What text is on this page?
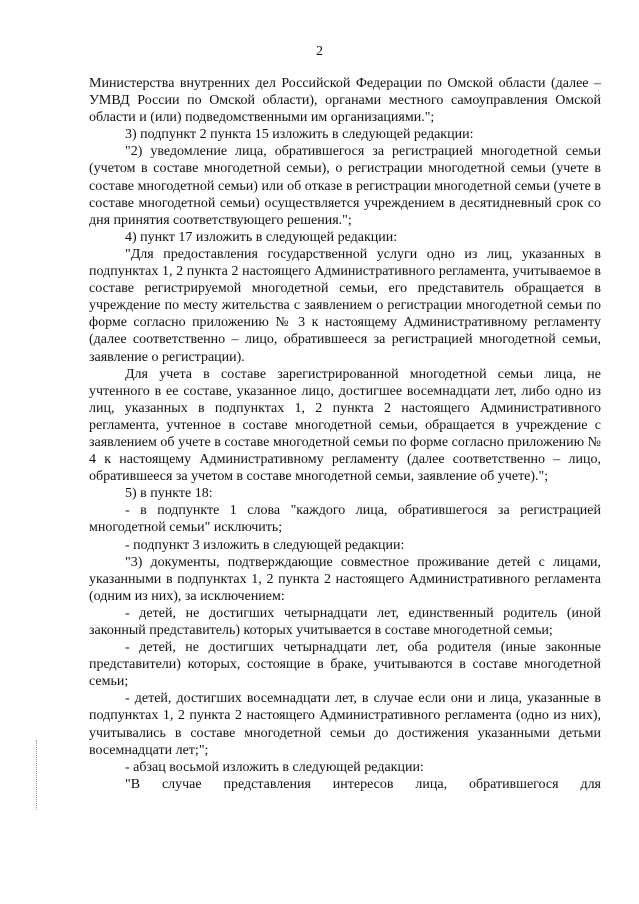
2

Министерства внутренних дел Российской Федерации по Омской области (далее – УМВД России по Омской области), органами местного самоуправления Омской области и (или) подведомственными им организациями.";

3) подпункт 2 пункта 15 изложить в следующей редакции:

"2) уведомление лица, обратившегося за регистрацией многодетной семьи (учетом в составе многодетной семьи), о регистрации многодетной семьи (учете в составе многодетной семьи) или об отказе в регистрации многодетной семьи (учете в составе многодетной семьи) осуществляется учреждением в десятидневный срок со дня принятия соответствующего решения.";

4) пункт 17 изложить в следующей редакции:

"Для предоставления государственной услуги одно из лиц, указанных в подпунктах 1, 2 пункта 2 настоящего Административного регламента, учитываемое в составе регистрируемой многодетной семьи, его представитель обращается в учреждение по месту жительства с заявлением о регистрации многодетной семьи по форме согласно приложению № 3 к настоящему Административному регламенту (далее соответственно – лицо, обратившееся за регистрацией многодетной семьи, заявление о регистрации).

Для учета в составе зарегистрированной многодетной семьи лица, не учтенного в ее составе, указанное лицо, достигшее восемнадцати лет, либо одно из лиц, указанных в подпунктах 1, 2 пункта 2 настоящего Административного регламента, учтенное в составе многодетной семьи, обращается в учреждение с заявлением об учете в составе многодетной семьи по форме согласно приложению № 4 к настоящему Административному регламенту (далее соответственно – лицо, обратившееся за учетом в составе многодетной семьи, заявление об учете).";

5) в пункте 18:

- в подпункте 1 слова "каждого лица, обратившегося за регистрацией многодетной семьи" исключить;

- подпункт 3 изложить в следующей редакции:

"3) документы, подтверждающие совместное проживание детей с лицами, указанными в подпунктах 1, 2 пункта 2 настоящего Административного регламента (одним из них), за исключением:

- детей, не достигших четырнадцати лет, единственный родитель (иной законный представитель) которых учитывается в составе многодетной семьи;

- детей, не достигших четырнадцати лет, оба родителя (иные законные представители) которых, состоящие в браке, учитываются в составе многодетной семьи;

- детей, достигших восемнадцати лет, в случае если они и лица, указанные в подпунктах 1, 2 пункта 2 настоящего Административного регламента (одно из них), учитывались в составе многодетной семьи до достижения указанными детьми восемнадцати лет;";

- абзац восьмой изложить в следующей редакции:

"В случае представления интересов лица, обратившегося для
